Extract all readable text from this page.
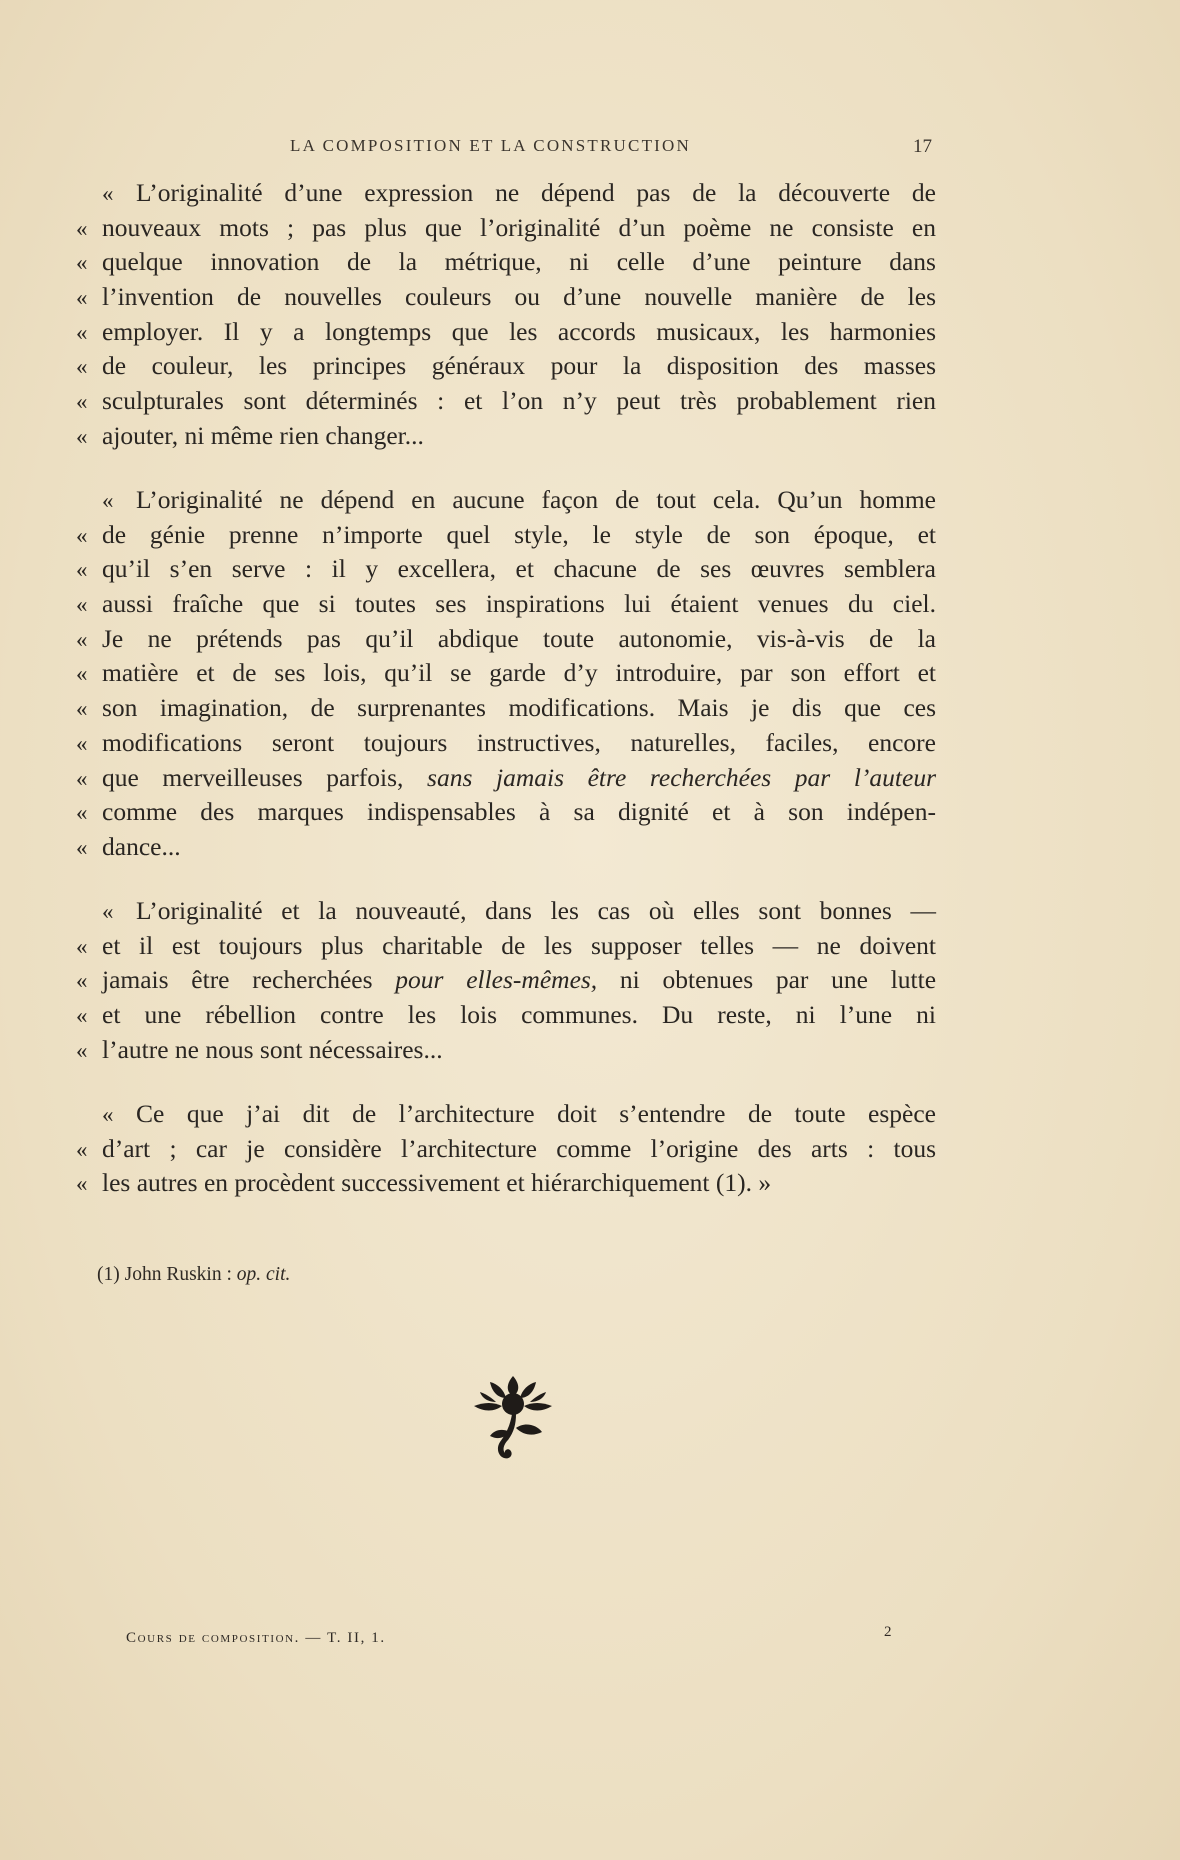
LA COMPOSITION ET LA CONSTRUCTION	17
« L’originalité d’une expression ne dépend pas de la découverte de
« nouveaux mots ; pas plus que l’originalité d’un poème ne consiste en
« quelque innovation de la métrique, ni celle d’une peinture dans
« l’invention de nouvelles couleurs ou d’une nouvelle manière de les
« employer. Il y a longtemps que les accords musicaux, les harmonies
« de couleur, les principes généraux pour la disposition des masses
« sculpturales sont déterminés : et l’on n’y peut très probablement rien
« ajouter, ni même rien changer...
« L’originalité ne dépend en aucune façon de tout cela. Qu’un homme
« de génie prenne n’importe quel style, le style de son époque, et
« qu’il s’en serve : il y excellera, et chacune de ses œuvres semblera
« aussi fraîche que si toutes ses inspirations lui étaient venues du ciel.
« Je ne prétends pas qu’il abdique toute autonomie, vis-à-vis de la
« matière et de ses lois, qu’il se garde d’y introduire, par son effort et
« son imagination, de surprenantes modifications. Mais je dis que ces
« modifications seront toujours instructives, naturelles, faciles, encore
« que merveilleuses parfois, sans jamais être recherchées par l’auteur
« comme des marques indispensables à sa dignité et à son indépen-
« dance...
« L’originalité et la nouveauté, dans les cas où elles sont bonnes —
« et il est toujours plus charitable de les supposer telles — ne doivent
« jamais être recherchées pour elles-mêmes, ni obtenues par une lutte
« et une rébellion contre les lois communes. Du reste, ni l’une ni
« l’autre ne nous sont nécessaires...
« Ce que j’ai dit de l’architecture doit s’entendre de toute espèce
« d’art ; car je considère l’architecture comme l’origine des arts : tous
« les autres en procèdent successivement et hiérarchiquement (1). »
(1) John Ruskin : op. cit.
Cours de composition. — T. II, 1.	2
